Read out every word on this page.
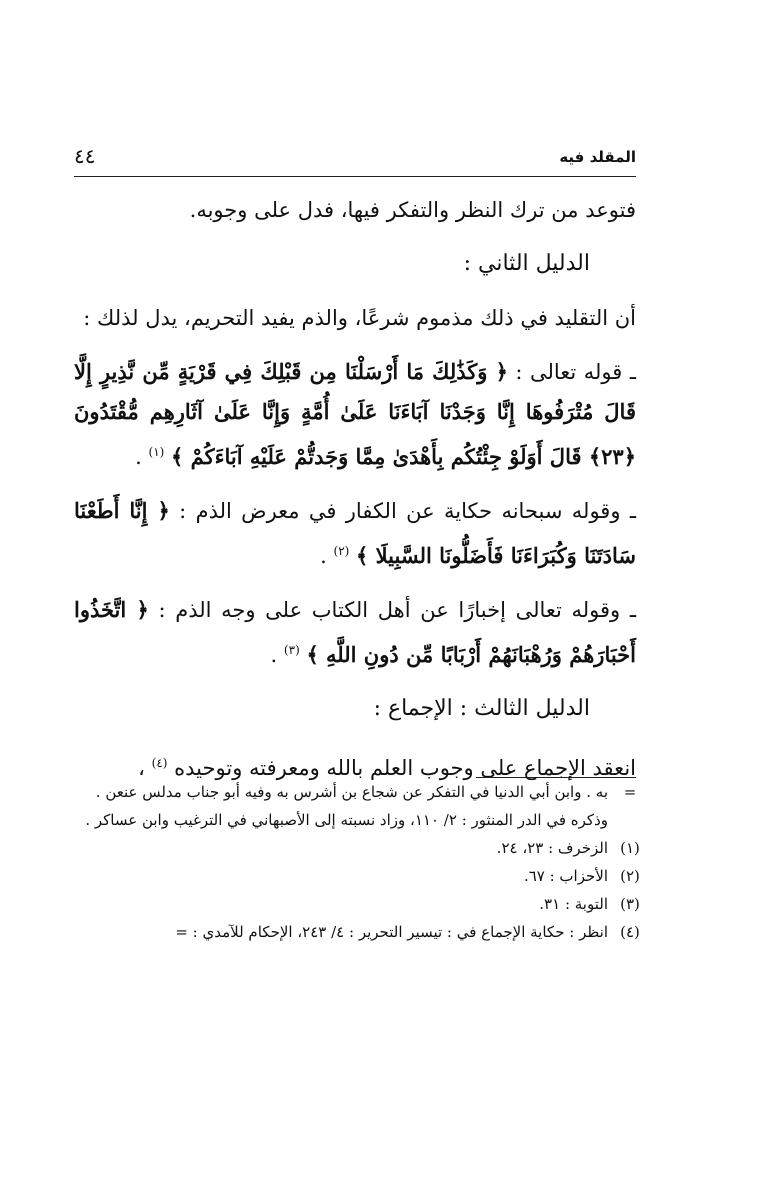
المقلد فيه
٤٤

فتوعد من ترك النظر والتفكر فيها، فدل على وجوبه.

الدليل الثاني :

أن التقليد في ذلك مذموم شرعًا، والذم يفيد التحريم، يدل لذلك :

ـ قوله تعالى : ﴿ وَكَذَٰلِكَ مَا أَرْسَلْنَا مِن قَبْلِكَ فِي قَرْيَةٍ مِّن نَّذِيرٍ إِلَّا قَالَ مُتْرَفُوهَا إِنَّا وَجَدْنَا آبَاءَنَا عَلَىٰ أُمَّةٍ وَإِنَّا عَلَىٰ آثَارِهِم مُّقْتَدُونَ ﴿٢٣﴾ قَالَ أَوَلَوْ جِئْتُكُم بِأَهْدَىٰ مِمَّا وَجَدتُّمْ عَلَيْهِ آبَاءَكُمْ ﴾ $^{(١)}$ .

ـ وقوله سبحانه حكاية عن الكفار في معرض الذم : ﴿ إِنَّا أَطَعْنَا سَادَتَنَا وَكُبَرَاءَنَا فَأَضَلُّونَا السَّبِيلَا ﴾ $^{(٢)}$ .

ـ وقوله تعالى إخبارًا عن أهل الكتاب على وجه الذم : ﴿ اتَّخَذُوا أَحْبَارَهُمْ وَرُهْبَانَهُمْ أَرْبَابًا مِّن دُونِ اللَّهِ ﴾ $^{(٣)}$ .

الدليل الثالث : الإجماع :

انعقد الإجماع على وجوب العلم بالله ومعرفته وتوحيده $^{(٤)}$ ،

=
به . وابن أبي الدنيا في التفكر عن شجاع بن أشرس به وفيه أبو جناب مدلس عنعن . وذكره في الدر المنثور : ٢/ ١١٠، وزاد نسبته إلى الأصبهاني في الترغيب وابن عساكر .
(١)
الزخرف : ٢٣، ٢٤.
(٢)
الأحزاب : ٦٧.
(٣)
التوبة : ٣١.
(٤)
انظر : حكاية الإجماع في : تيسير التحرير : ٤/ ٢٤٣، الإحكام للآمدي : =
